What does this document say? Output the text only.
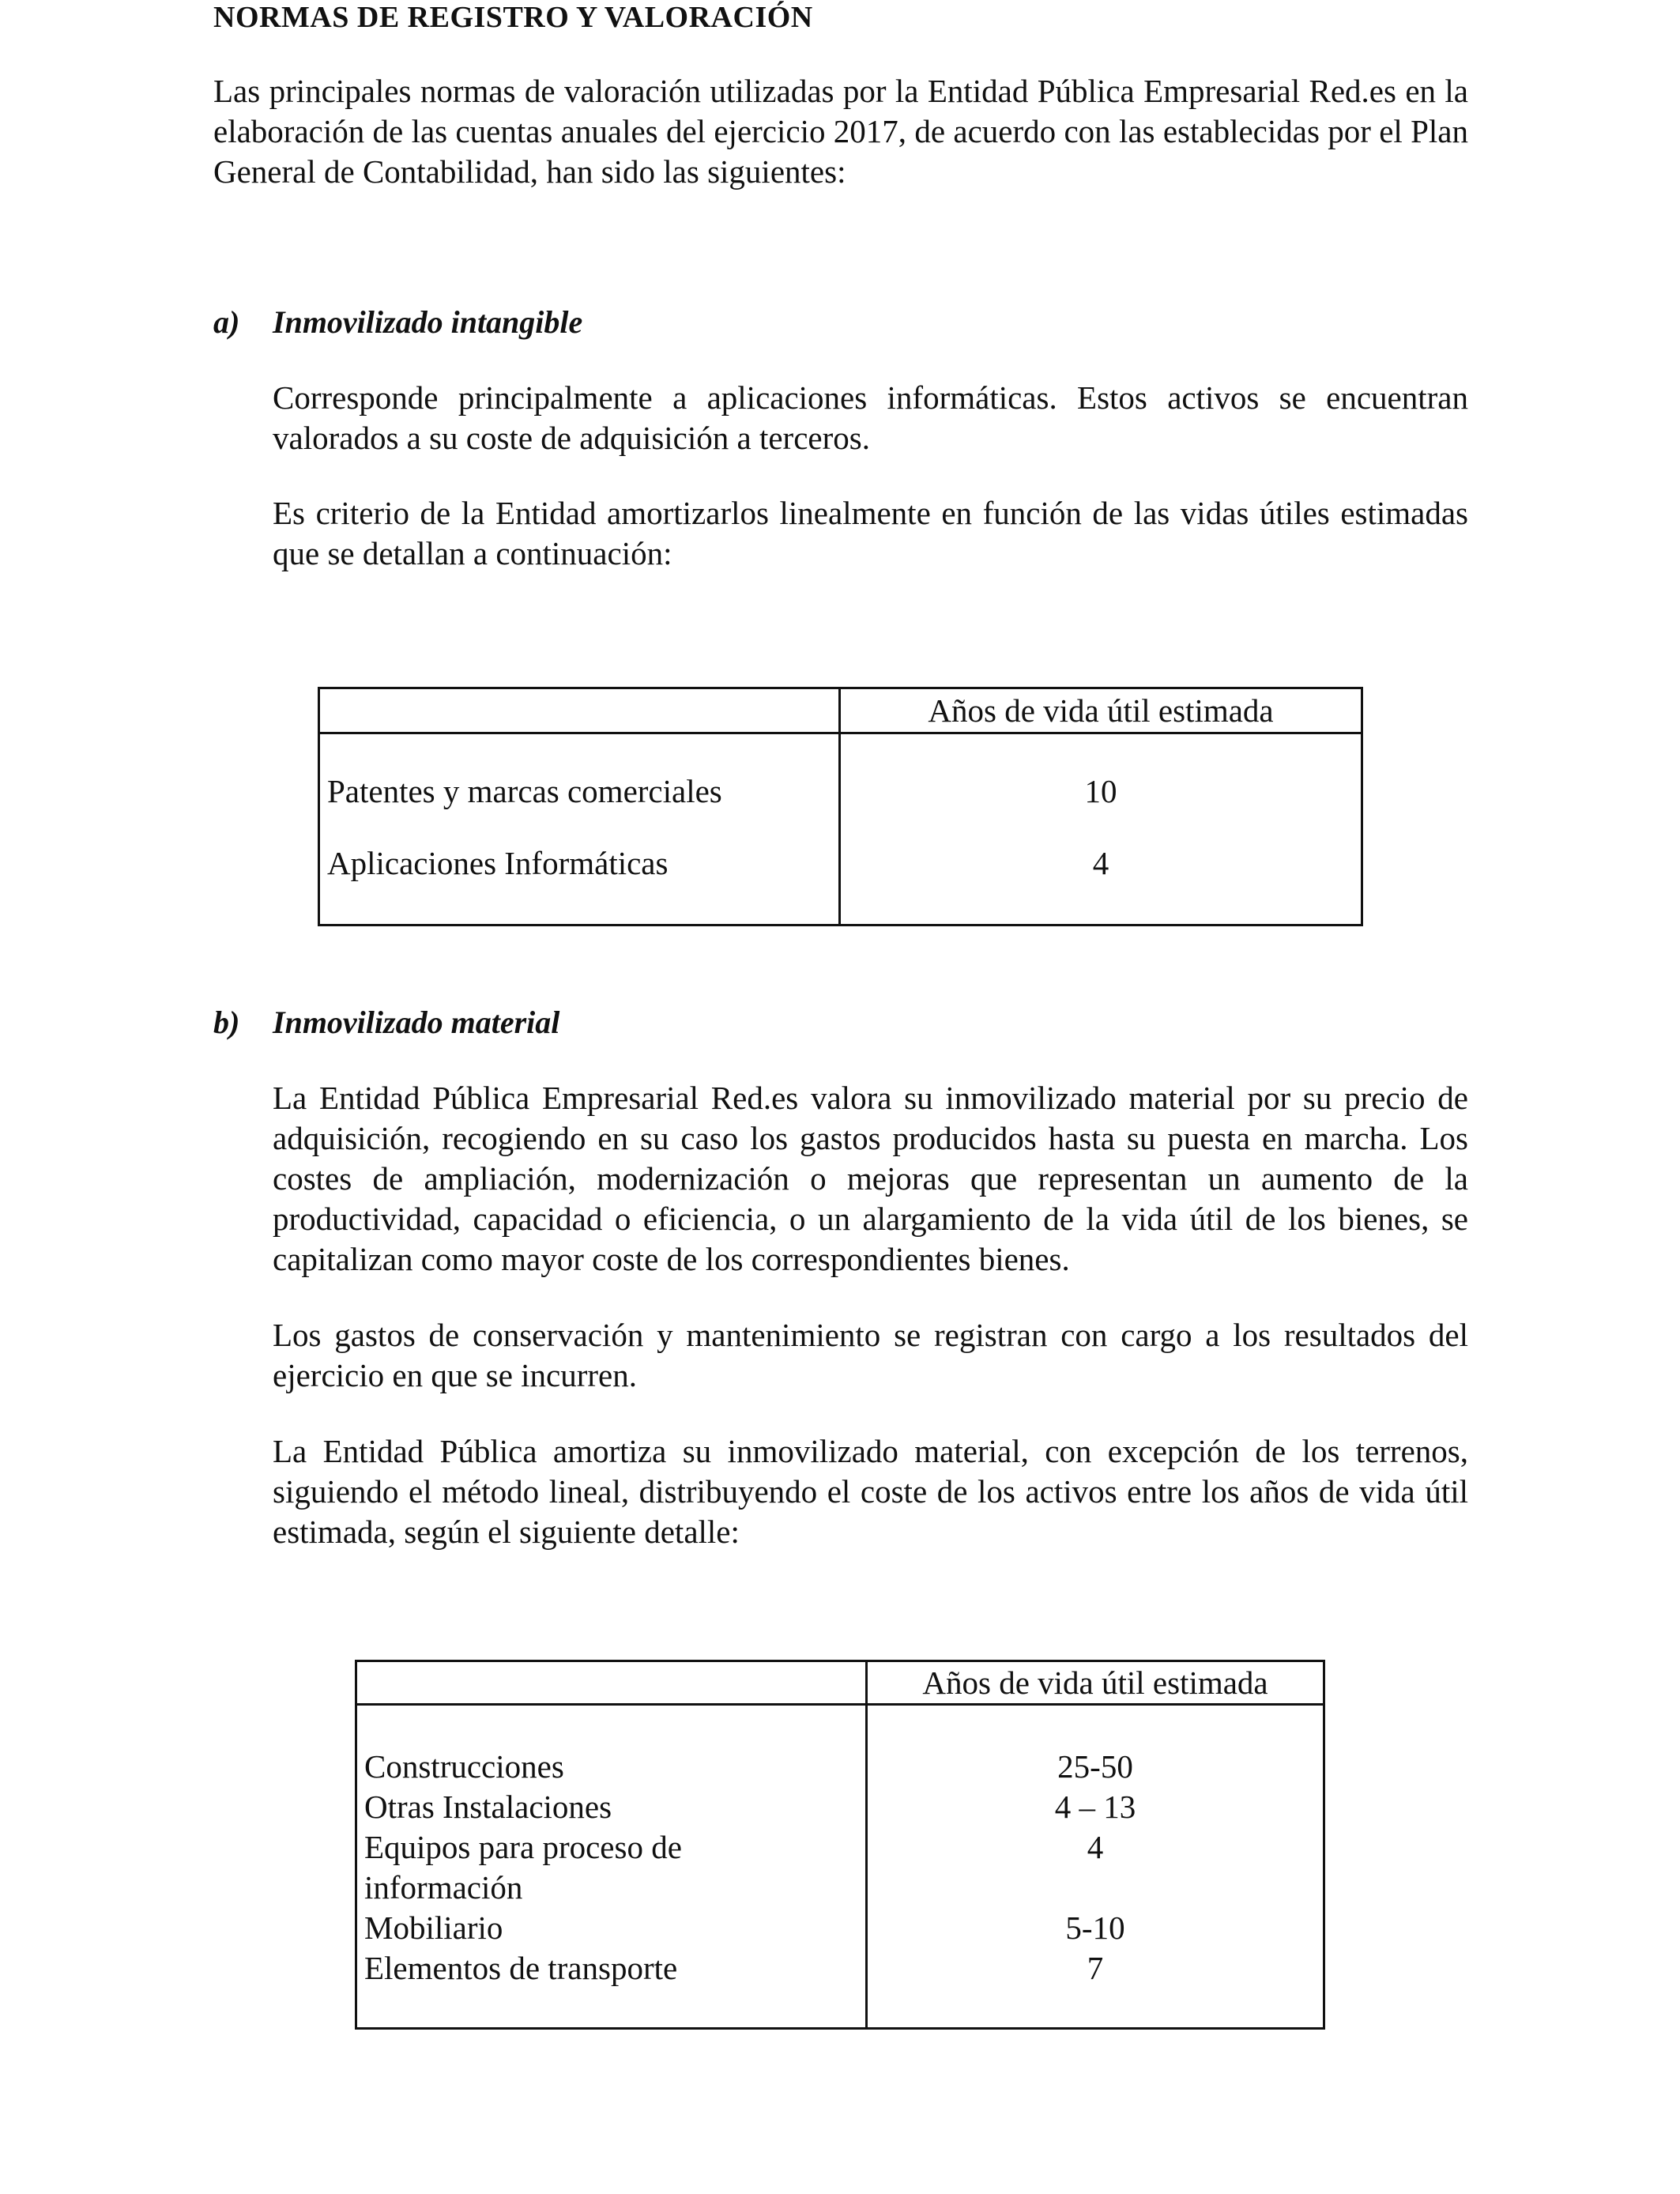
NORMAS DE REGISTRO Y VALORACIÓN
Las principales normas de valoración utilizadas por la Entidad Pública Empresarial Red.es en la elaboración de las cuentas anuales del ejercicio 2017, de acuerdo con las establecidas por el Plan General de Contabilidad, han sido las siguientes:
a) Inmovilizado intangible
Corresponde principalmente a aplicaciones informáticas. Estos activos se encuentran valorados a su coste de adquisición a terceros.
Es criterio de la Entidad amortizarlos linealmente en función de las vidas útiles estimadas que se detallan a continuación:
Años de vida útil estimada
Patentes y marcas comerciales	10
Aplicaciones Informáticas	4
b) Inmovilizado material
La Entidad Pública Empresarial Red.es valora su inmovilizado material por su precio de adquisición, recogiendo en su caso los gastos producidos hasta su puesta en marcha. Los costes de ampliación, modernización o mejoras que representan un aumento de la productividad, capacidad o eficiencia, o un alargamiento de la vida útil de los bienes, se capitalizan como mayor coste de los correspondientes bienes.
Los gastos de conservación y mantenimiento se registran con cargo a los resultados del ejercicio en que se incurren.
La Entidad Pública amortiza su inmovilizado material, con excepción de los terrenos, siguiendo el método lineal, distribuyendo el coste de los activos entre los años de vida útil estimada, según el siguiente detalle:
Años de vida útil estimada
Construcciones	25-50
Otras Instalaciones	4 – 13
Equipos para proceso de	4
información
Mobiliario	5-10
Elementos de transporte	7
